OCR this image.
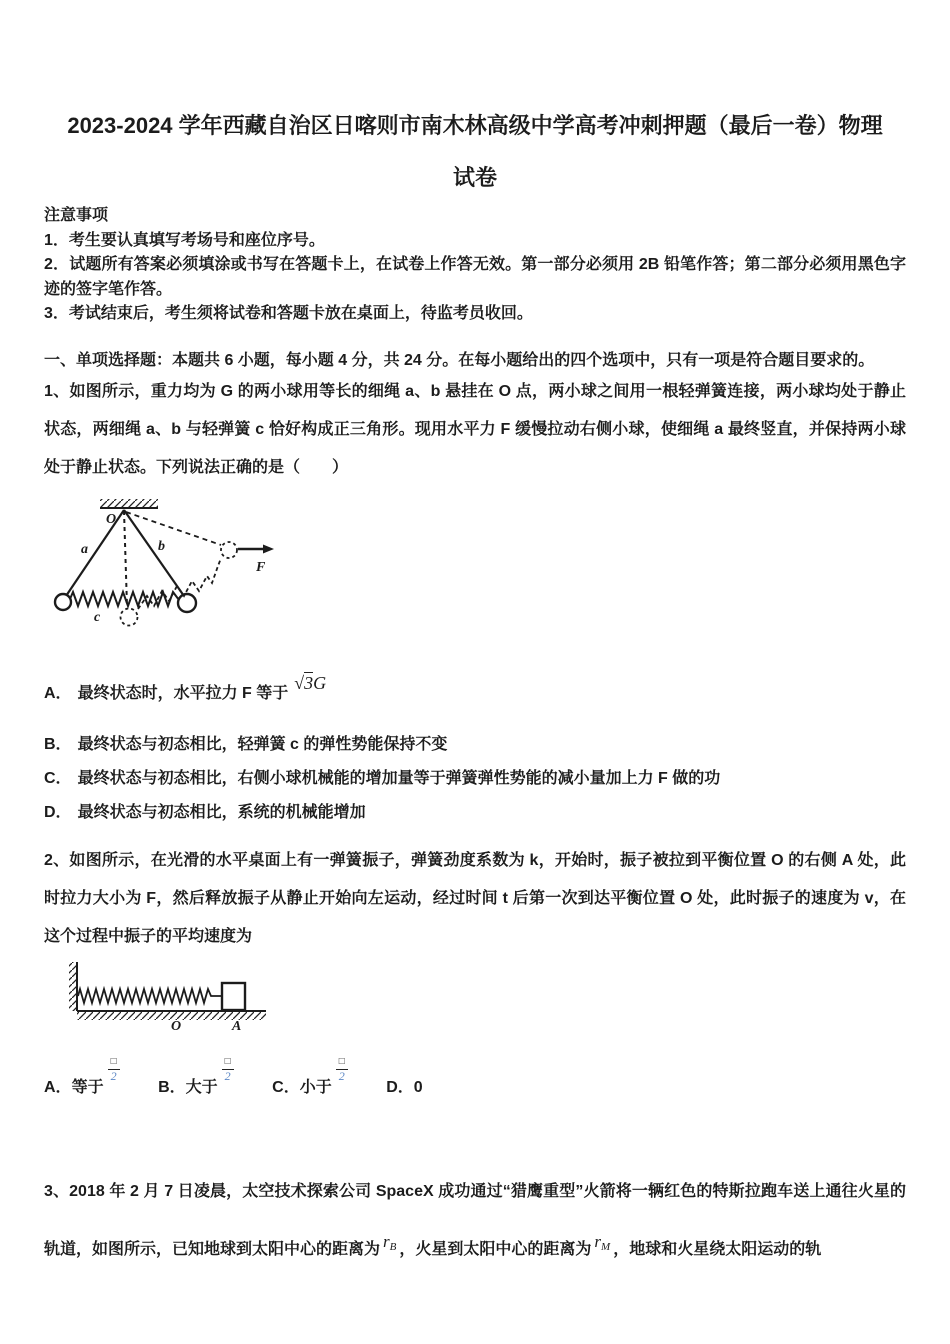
2023-2024 学年西藏自治区日喀则市南木林高级中学高考冲刺押题（最后一卷）物理
试卷

注意事项

1．考生要认真填写考场号和座位序号。

2．试题所有答案必须填涂或书写在答题卡上，在试卷上作答无效。第一部分必须用 2B 铅笔作答；第二部分必须用黑色字迹的签字笔作答。

3．考试结束后，考生须将试卷和答题卡放在桌面上，待监考员收回。

一、单项选择题：本题共 6 小题，每小题 4 分，共 24 分。在每小题给出的四个选项中，只有一项是符合题目要求的。

1、如图所示，重力均为 G 的两小球用等长的细绳 a、b 悬挂在 O 点，两小球之间用一根轻弹簧连接，两小球均处于静止状态，两细绳 a、b 与轻弹簧 c 恰好构成正三角形。现用水平力 F 缓慢拉动右侧小球，使细绳 a 最终竖直，并保持两小球处于静止状态。下列说法正确的是（　　）

O
a	b
c
F

A． 最终状态时，水平拉力 F 等于√3G

B． 最终状态与初态相比，轻弹簧 c 的弹性势能保持不变

C． 最终状态与初态相比，右侧小球机械能的增加量等于弹簧弹性势能的减小量加上力 F 做的功

D． 最终状态与初态相比，系统的机械能增加

2、如图所示，在光滑的水平桌面上有一弹簧振子，弹簧劲度系数为 k，开始时，振子被拉到平衡位置 O 的右侧 A 处，此时拉力大小为 F，然后释放振子从静止开始向左运动，经过时间 t 后第一次到达平衡位置 O 处，此时振子的速度为 v，在这个过程中振子的平均速度为

O	A

A．等于
$\frac{□}{2}$
B．大于
$\frac{□}{2}$
C．小于
$\frac{□}{2}$
D．0

3、2018 年 2 月 7 日凌晨，太空技术探索公司 SpaceX 成功通过“猎鹰重型”火箭将一辆红色的特斯拉跑车送上通往火星的轨道，如图所示，已知地球到太阳中心的距离为 $r_B$ ，火星到太阳中心的距离为 $r_M$ ，地球和火星绕太阳运动的轨
